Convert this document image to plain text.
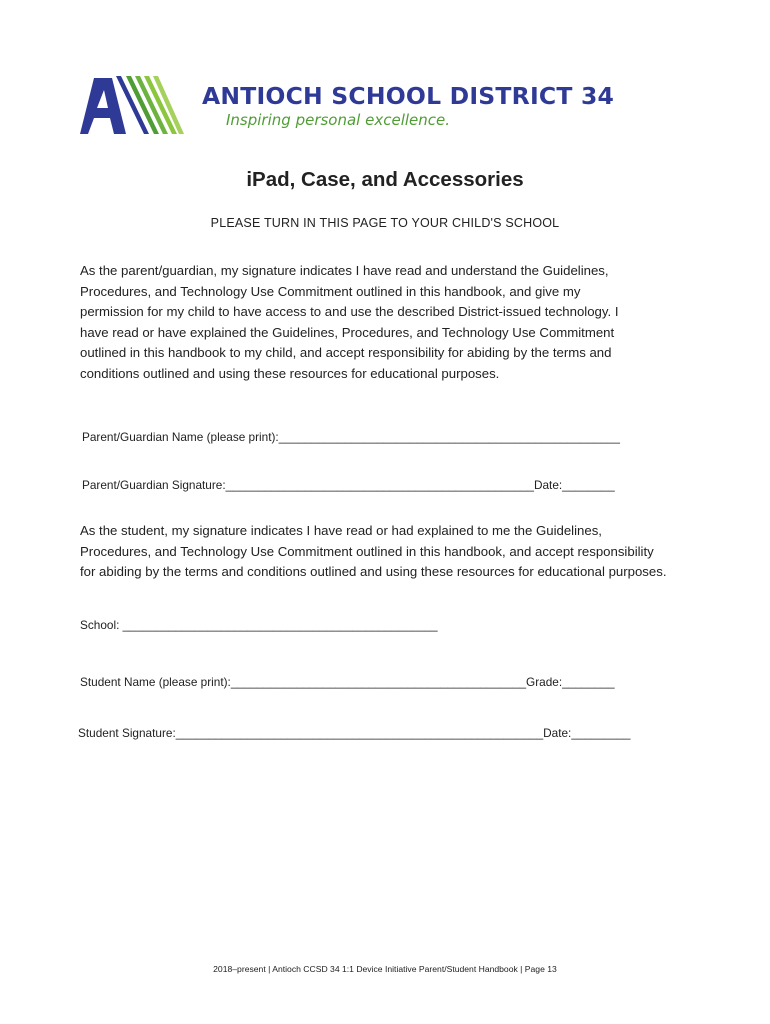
ANTIOCH SCHOOL DISTRICT 34
Inspiring personal excellence.
iPad, Case, and Accessories

PLEASE TURN IN THIS PAGE TO YOUR CHILD'S SCHOOL

As the parent/guardian, my signature indicates I have read and understand the Guidelines,
Procedures, and Technology Use Commitment outlined in this handbook, and give my
permission for my child to have access to and use the described District-issued technology. I
have read or have explained the Guidelines, Procedures, and Technology Use Commitment
outlined in this handbook to my child, and accept responsibility for abiding by the terms and
conditions outlined and using these resources for educational purposes.

Parent/Guardian Name (please print):____________________________________________________

Parent/Guardian Signature:_______________________________________________Date:________

As the student, my signature indicates I have read or had explained to me the Guidelines,
Procedures, and Technology Use Commitment outlined in this handbook, and accept responsibility
for abiding by the terms and conditions outlined and using these resources for educational purposes.

School: ________________________________________________

Student Name (please print):_____________________________________________Grade:________

Student Signature:________________________________________________________Date:_________

2018–present | Antioch CCSD 34 1:1 Device Initiative Parent/Student Handbook | Page 13
